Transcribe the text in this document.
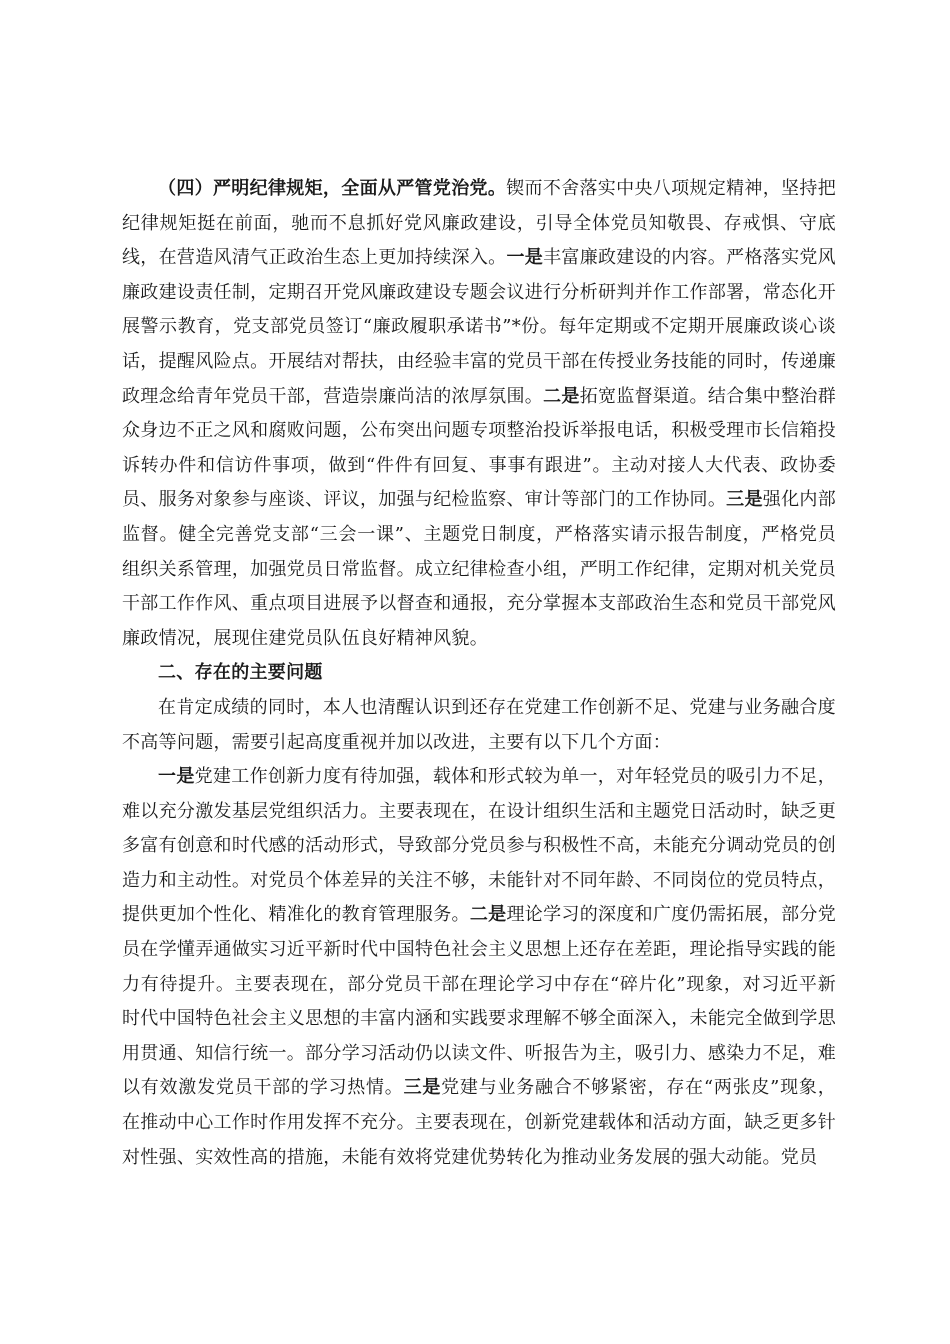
（四）严明纪律规矩，全面从严管党治党。锲而不舍落实中央八项规定精神，坚持把纪律规矩挺在前面，驰而不息抓好党风廉政建设，引导全体党员知敬畏、存戒惧、守底线，在营造风清气正政治生态上更加持续深入。一是丰富廉政建设的内容。严格落实党风廉政建设责任制，定期召开党风廉政建设专题会议进行分析研判并作工作部署，常态化开展警示教育，党支部党员签订“廉政履职承诺书”*份。每年定期或不定期开展廉政谈心谈话，提醒风险点。开展结对帮扶，由经验丰富的党员干部在传授业务技能的同时，传递廉政理念给青年党员干部，营造崇廉尚洁的浓厚氛围。二是拓宽监督渠道。结合集中整治群众身边不正之风和腐败问题，公布突出问题专项整治投诉举报电话，积极受理市长信箱投诉转办件和信访件事项，做到“件件有回复、事事有跟进”。主动对接人大代表、政协委员、服务对象参与座谈、评议，加强与纪检监察、审计等部门的工作协同。三是强化内部监督。健全完善党支部“三会一课”、主题党日制度，严格落实请示报告制度，严格党员组织关系管理，加强党员日常监督。成立纪律检查小组，严明工作纪律，定期对机关党员干部工作作风、重点项目进展予以督查和通报，充分掌握本支部政治生态和党员干部党风廉政情况，展现住建党员队伍良好精神风貌。

二、存在的主要问题

在肯定成绩的同时，本人也清醒认识到还存在党建工作创新不足、党建与业务融合度不高等问题，需要引起高度重视并加以改进，主要有以下几个方面：

一是党建工作创新力度有待加强，载体和形式较为单一，对年轻党员的吸引力不足，难以充分激发基层党组织活力。主要表现在，在设计组织生活和主题党日活动时，缺乏更多富有创意和时代感的活动形式，导致部分党员参与积极性不高，未能充分调动党员的创造力和主动性。对党员个体差异的关注不够，未能针对不同年龄、不同岗位的党员特点，提供更加个性化、精准化的教育管理服务。二是理论学习的深度和广度仍需拓展，部分党员在学懂弄通做实习近平新时代中国特色社会主义思想上还存在差距，理论指导实践的能力有待提升。主要表现在，部分党员干部在理论学习中存在“碎片化”现象，对习近平新时代中国特色社会主义思想的丰富内涵和实践要求理解不够全面深入，未能完全做到学思用贯通、知信行统一。部分学习活动仍以读文件、听报告为主，吸引力、感染力不足，难以有效激发党员干部的学习热情。三是党建与业务融合不够紧密，存在“两张皮”现象，在推动中心工作时作用发挥不充分。主要表现在，创新党建载体和活动方面，缺乏更多针对性强、实效性高的措施，未能有效将党建优势转化为推动业务发展的强大动能。党员
